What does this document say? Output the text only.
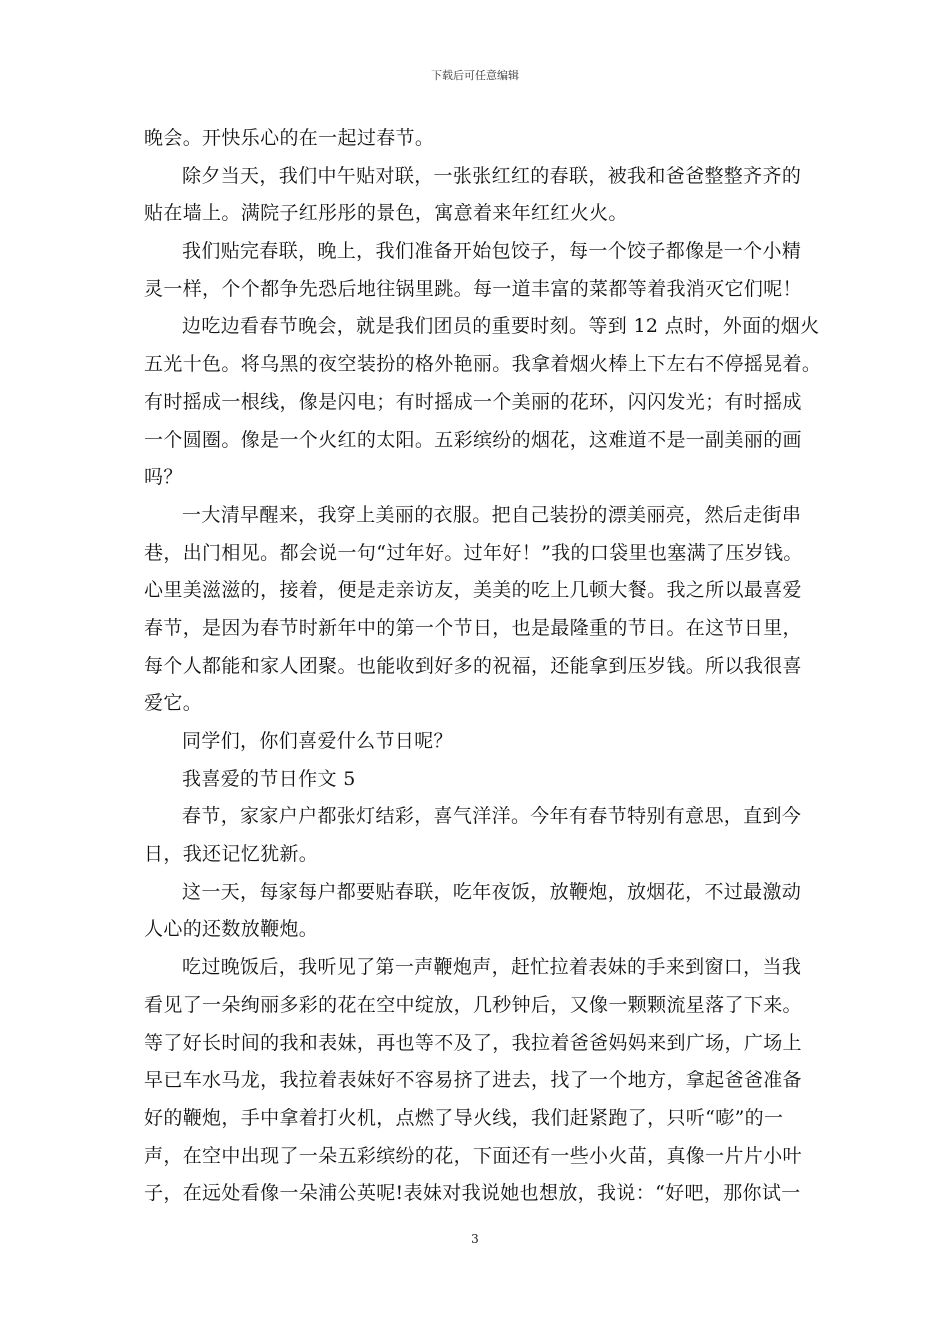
下载后可任意编辑
晚会。开快乐心的在一起过春节。
除夕当天，我们中午贴对联，一张张红红的春联，被我和爸爸整整齐齐的
贴在墙上。满院子红彤彤的景色，寓意着来年红红火火。
我们贴完春联，晚上，我们准备开始包饺子，每一个饺子都像是一个小精
灵一样，个个都争先恐后地往锅里跳。每一道丰富的菜都等着我消灭它们呢！
边吃边看春节晚会，就是我们团员的重要时刻。等到 12 点时，外面的烟火
五光十色。将乌黑的夜空装扮的格外艳丽。我拿着烟火棒上下左右不停摇晃着。
有时摇成一根线，像是闪电；有时摇成一个美丽的花环，闪闪发光；有时摇成
一个圆圈。像是一个火红的太阳。五彩缤纷的烟花，这难道不是一副美丽的画
吗？
一大清早醒来，我穿上美丽的衣服。把自己装扮的漂美丽亮，然后走街串
巷，出门相见。都会说一句“过年好。过年好！”我的口袋里也塞满了压岁钱。
心里美滋滋的，接着，便是走亲访友，美美的吃上几顿大餐。我之所以最喜爱
春节，是因为春节时新年中的第一个节日，也是最隆重的节日。在这节日里，
每个人都能和家人团聚。也能收到好多的祝福，还能拿到压岁钱。所以我很喜
爱它。
同学们，你们喜爱什么节日呢？
我喜爱的节日作文 5
春节，家家户户都张灯结彩，喜气洋洋。今年有春节特别有意思，直到今
日，我还记忆犹新。
这一天，每家每户都要贴春联，吃年夜饭，放鞭炮，放烟花，不过最激动
人心的还数放鞭炮。
吃过晚饭后，我听见了第一声鞭炮声，赶忙拉着表妹的手来到窗口，当我
看见了一朵绚丽多彩的花在空中绽放，几秒钟后，又像一颗颗流星落了下来。
等了好长时间的我和表妹，再也等不及了，我拉着爸爸妈妈来到广场，广场上
早已车水马龙，我拉着表妹好不容易挤了进去，找了一个地方，拿起爸爸准备
好的鞭炮，手中拿着打火机，点燃了导火线，我们赶紧跑了，只听“嘭”的一
声，在空中出现了一朵五彩缤纷的花，下面还有一些小火苗，真像一片片小叶
子，在远处看像一朵浦公英呢!表妹对我说她也想放，我说：“好吧，那你试一
3
